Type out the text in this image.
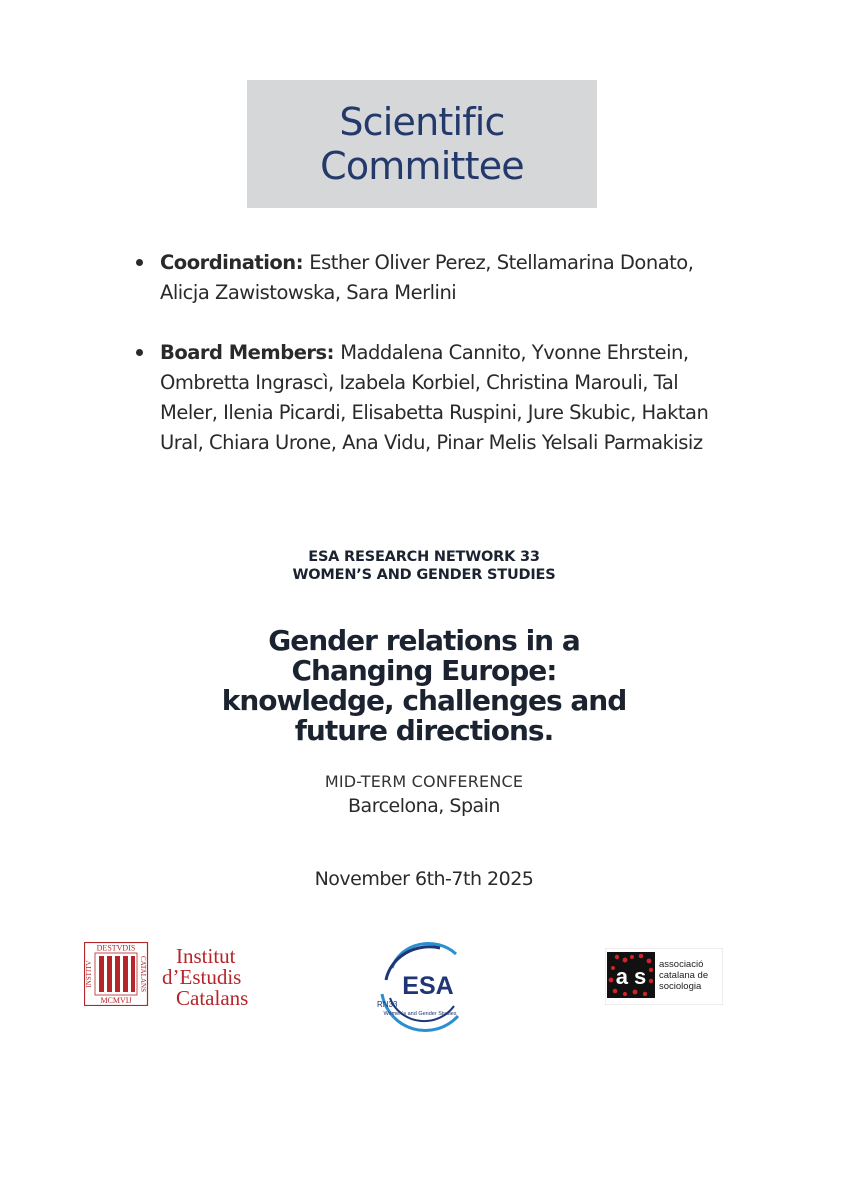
Scientific
Committee
Coordination: Esther Oliver Perez, Stellamarina Donato, Alicja Zawistowska, Sara Merlini
Board Members: Maddalena Cannito, Yvonne Ehrstein, Ombretta Ingrascì, Izabela Korbiel, Christina Marouli, Tal Meler, Ilenia Picardi, Elisabetta Ruspini, Jure Skubic, Haktan Ural, Chiara Urone, Ana Vidu, Pinar Melis Yelsali Parmakisiz
ESA RESEARCH NETWORK 33
WOMEN’S AND GENDER STUDIES
Gender relations in a
Changing Europe:
knowledge, challenges and
future directions.
MID-TERM CONFERENCE
Barcelona, Spain
November 6th-7th 2025
DESTVDIS
MCMVIJ
INSTITV	CATALANS Institut
d’Estudis
Catalans	ESA
RN33
Women's and Gender Studies
a s associació
catalana de
sociologia
